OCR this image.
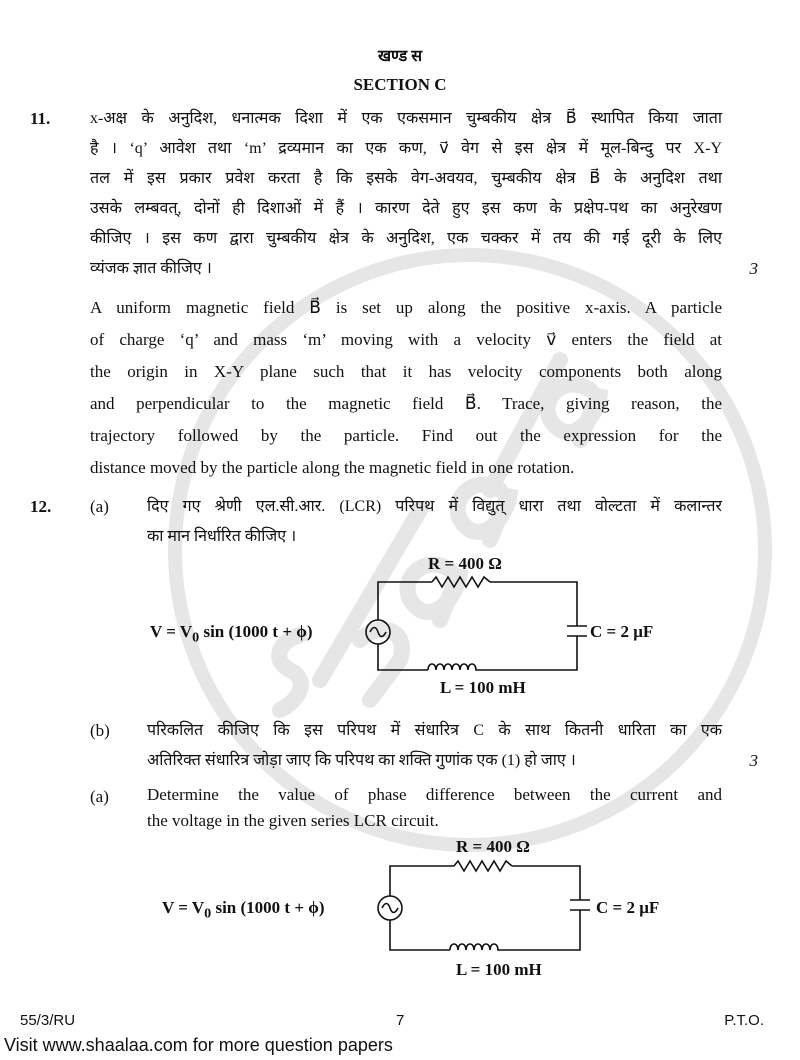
खण्ड स
SECTION C
11.	x-अक्ष के अनुदिश, धनात्मक दिशा में एक एकसमान चुम्बकीय क्षेत्र B⃗ स्थापित किया जाता
है । ‘q’ आवेश तथा ‘m’ द्रव्यमान का एक कण, v⃗ वेग से इस क्षेत्र में मूल-बिन्दु पर X-Y
तल में इस प्रकार प्रवेश करता है कि इसके वेग-अवयव, चुम्बकीय क्षेत्र B⃗ के अनुदिश तथा
उसके लम्बवत्, दोनों ही दिशाओं में हैं । कारण देते हुए इस कण के प्रक्षेप-पथ का अनुरेखण
कीजिए । इस कण द्वारा चुम्बकीय क्षेत्र के अनुदिश, एक चक्कर में तय की गई दूरी के लिए
व्यंजक ज्ञात कीजिए ।	3
A uniform magnetic field B⃗ is set up along the positive x-axis. A particle
of charge ‘q’ and mass ‘m’ moving with a velocity v⃗ enters the field at
the origin in X-Y plane such that it has velocity components both along
and perpendicular to the magnetic field B⃗. Trace, giving reason, the
trajectory followed by the particle. Find out the expression for the
distance moved by the particle along the magnetic field in one rotation.
12.	(a)	दिए गए श्रेणी एल.सी.आर. (LCR) परिपथ में विद्युत् धारा तथा वोल्टता में कलान्तर
का मान निर्धारित कीजिए ।
R = 400 Ω
C = 2 μF
L = 100 mH
$V = V_0$ sin (1000 t + ϕ)
(b)	परिकलित कीजिए कि इस परिपथ में संधारित्र C के साथ कितनी धारिता का एक
अतिरिक्त संधारित्र जोड़ा जाए कि परिपथ का शक्ति गुणांक एक (1) हो जाए ।	3
(a)	Determine the value of phase difference between the current and
the voltage in the given series LCR circuit.
R = 400 Ω
C = 2 μF
L = 100 mH
$V = V_0$ sin (1000 t + ϕ)
55/3/RU	7	P.T.O.
Visit www.shaalaa.com for more question papers
